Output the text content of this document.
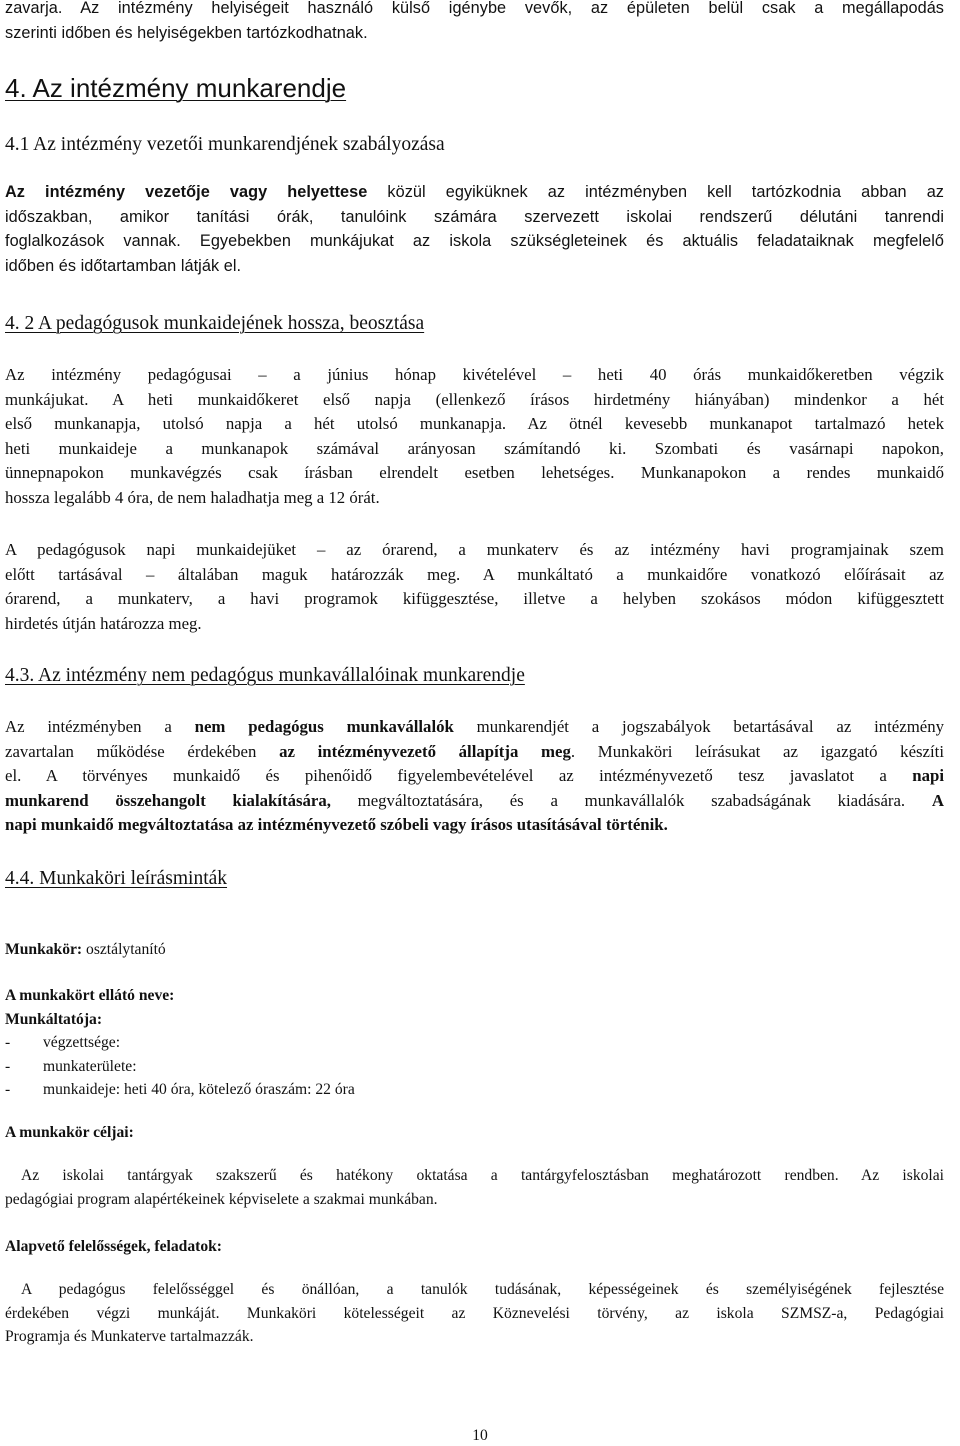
zavarja. Az intézmény helyiségeit használó külső igénybe vevők, az épületen belül csak a megállapodás
szerinti időben és helyiségekben tartózkodhatnak.
4. Az intézmény munkarendje
4.1 Az intézmény vezetői munkarendjének szabályozása
Az intézmény vezetője vagy helyettese közül egyiküknek az intézményben kell tartózkodnia abban az
időszakban, amikor tanítási órák, tanulóink számára szervezett iskolai rendszerű délutáni tanrendi
foglalkozások vannak. Egyebekben munkájukat az iskola szükségleteinek és aktuális feladataiknak megfelelő
időben és időtartamban látják el.
4. 2 A pedagógusok munkaidejének hossza, beosztása
Az intézmény pedagógusai – a június hónap kivételével – heti 40 órás munkaidőkeretben végzik
munkájukat. A heti munkaidőkeret első napja (ellenkező írásos hirdetmény hiányában) mindenkor a hét
első munkanapja, utolsó napja a hét utolsó munkanapja. Az ötnél kevesebb munkanapot tartalmazó hetek
heti munkaideje a munkanapok számával arányosan számítandó ki. Szombati és vasárnapi napokon,
ünnepnapokon munkavégzés csak írásban elrendelt esetben lehetséges. Munkanapokon a rendes munkaidő
hossza legalább 4 óra, de nem haladhatja meg a 12 órát.
A pedagógusok napi munkaidejüket – az órarend, a munkaterv és az intézmény havi programjainak szem
előtt tartásával – általában maguk határozzák meg. A munkáltató a munkaidőre vonatkozó előírásait az
órarend, a munkaterv, a havi programok kifüggesztése, illetve a helyben szokásos módon kifüggesztett
hirdetés útján határozza meg.
4.3. Az intézmény nem pedagógus munkavállalóinak munkarendje
Az intézményben a nem pedagógus munkavállalók munkarendjét a jogszabályok betartásával az intézmény
zavartalan működése érdekében az intézményvezető állapítja meg. Munkaköri leírásukat az igazgató készíti
el. A törvényes munkaidő és pihenőidő figyelembevételével az intézményvezető tesz javaslatot a napi
munkarend összehangolt kialakítására, megváltoztatására, és a munkavállalók szabadságának kiadására. A
napi munkaidő megváltoztatása az intézményvezető szóbeli vagy írásos utasításával történik.
4.4. Munkaköri leírásminták
Munkakör: osztálytanító
A munkakört ellátó neve:
Munkáltatója:
-	végzettsége:
-	munkaterülete:
-	munkaideje: heti 40 óra, kötelező óraszám: 22 óra
A munkakör céljai:
Az iskolai tantárgyak szakszerű és hatékony oktatása a tantárgyfelosztásban meghatározott rendben. Az iskolai
pedagógiai program alapértékeinek képviselete a szakmai munkában.
Alapvető felelősségek, feladatok:
A pedagógus felelősséggel és önállóan, a tanulók tudásának, képességeinek és személyiségének fejlesztése
érdekében végzi munkáját. Munkaköri kötelességeit az Köznevelési törvény, az iskola SZMSZ-a, Pedagógiai
Programja és Munkaterve tartalmazzák.
10
